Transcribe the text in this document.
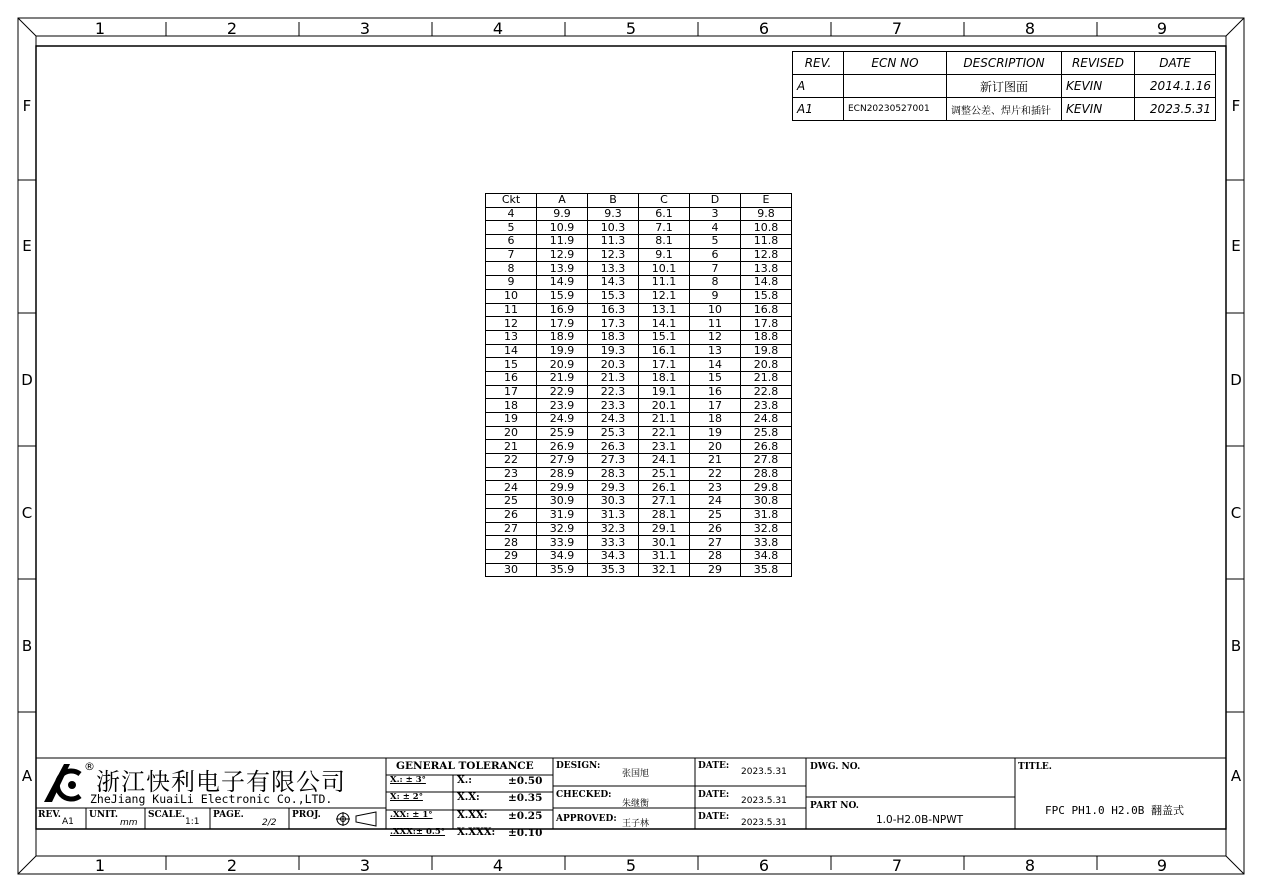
1	2	3	4	5	6	7	8	9
1	2	3	4	5	6	7	8	9
F
E
D
C
B
A
F
E
D
C
B
A
REV.	ECN NO	DESCRIPTION	REVISED	DATE
A		新订图面	KEVIN	2014.1.16
A1	ECN20230527001	调整公差、焊片和插针	KEVIN	2023.5.31
Ckt	A	B	C	D	E
4	9.9	9.3	6.1	3	9.8
5	10.9	10.3	7.1	4	10.8
6	11.9	11.3	8.1	5	11.8
7	12.9	12.3	9.1	6	12.8
8	13.9	13.3	10.1	7	13.8
9	14.9	14.3	11.1	8	14.8
10	15.9	15.3	12.1	9	15.8
11	16.9	16.3	13.1	10	16.8
12	17.9	17.3	14.1	11	17.8
13	18.9	18.3	15.1	12	18.8
14	19.9	19.3	16.1	13	19.8
15	20.9	20.3	17.1	14	20.8
16	21.9	21.3	18.1	15	21.8
17	22.9	22.3	19.1	16	22.8
18	23.9	23.3	20.1	17	23.8
19	24.9	24.3	21.1	18	24.8
20	25.9	25.3	22.1	19	25.8
21	26.9	26.3	23.1	20	26.8
22	27.9	27.3	24.1	21	27.8
23	28.9	28.3	25.1	22	28.8
24	29.9	29.3	26.1	23	29.8
25	30.9	30.3	27.1	24	30.8
26	31.9	31.3	28.1	25	31.8
27	32.9	32.3	29.1	26	32.8
28	33.9	33.3	30.1	27	33.8
29	34.9	34.3	31.1	28	34.8
30	35.9	35.3	32.1	29	35.8
®
浙江快利电子有限公司
ZheJiang KuaiLi Electronic Co.,LTD.
REV.
A1
UNIT.
mm
SCALE.
1:1
PAGE.
2/2
PROJ.
GENERAL TOLERANCE
X.: ± 3°
X: ± 2°
.XX: ± 1°
.XXX:± 0.5°
X.:	±0.50
X.X:	±0.35
X.XX: ±0.25
X.XXX: ±0.10
DESIGN:
张国旭
CHECKED:
朱继衡
APPROVED: 王子林
DATE:
2023.5.31
DATE:
2023.5.31
DATE:
2023.5.31
DWG. NO.
PART NO.
1.0-H2.0B-NPWT
TITLE.
FPC PH1.0 H2.0B 翻盖式
